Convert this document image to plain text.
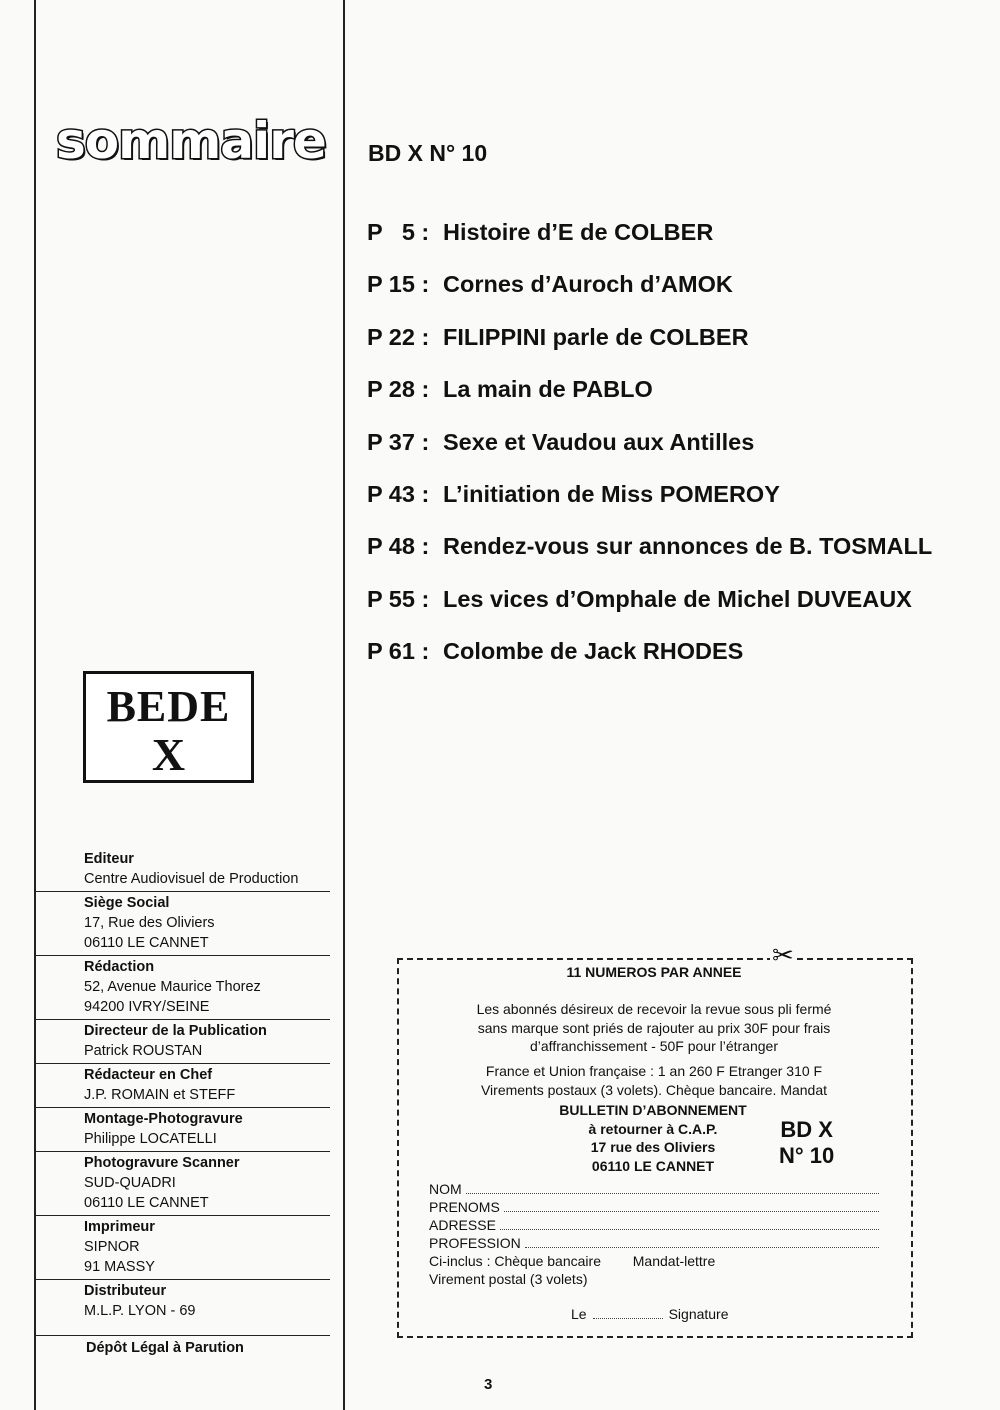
sommaire
BEDE
X
Editeur
Centre Audiovisuel de Production
Siège Social
17, Rue des Oliviers
06110 LE CANNET
Rédaction
52, Avenue Maurice Thorez
94200 IVRY/SEINE
Directeur de la Publication
Patrick ROUSTAN
Rédacteur en Chef
J.P. ROMAIN et STEFF
Montage-Photogravure
Philippe LOCATELLI
Photogravure Scanner
SUD-QUADRI
06110 LE CANNET
Imprimeur
SIPNOR
91 MASSY
Distributeur
M.L.P. LYON - 69
Dépôt Légal à Parution
BD X N° 10
P   5 : Histoire d’E de COLBER
P 15 : Cornes d’Auroch d’AMOK
P 22 : FILIPPINI parle de COLBER
P 28 : La main de PABLO
P 37 : Sexe et Vaudou aux Antilles
P 43 : L’initiation de Miss POMEROY
P 48 : Rendez-vous sur annonces de B. TOSMALL
P 55 : Les vices d’Omphale de Michel DUVEAUX
P 61 : Colombe de Jack RHODES
11 NUMEROS PAR ANNEE
Les abonnés désireux de recevoir la revue sous pli fermé
sans marque sont priés de rajouter au prix 30F pour frais
d’affranchissement - 50F pour l’étranger
France et Union française : 1 an 260 F Etranger 310 F
Virements postaux (3 volets). Chèque bancaire. Mandat
BULLETIN D’ABONNEMENT
à retourner à C.A.P.
17 rue des Oliviers
06110 LE CANNET
BD X
N° 10
NOM
PRENOMS
ADRESSE
PROFESSION
Ci-inclus : Chèque bancaire Mandat-lettre
Virement postal (3 volets)
Le	Signature
✂
3
